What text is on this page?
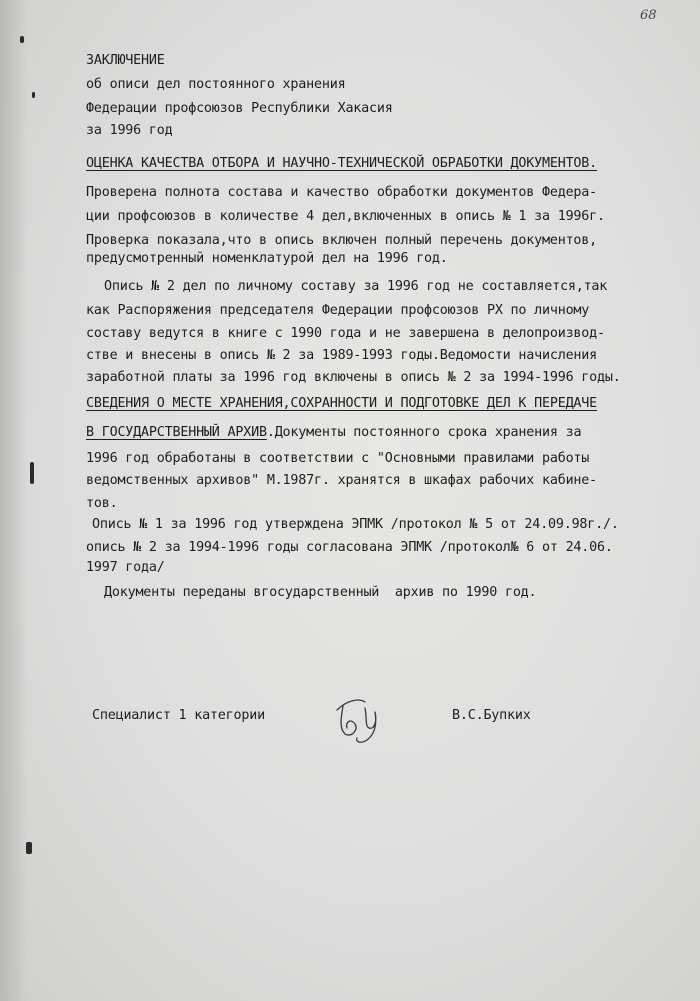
68

ЗАКЛЮЧЕНИЕ

об описи дел постоянного хранения

Федерации профсоюзов Республики Хакасия

за 1996 год

ОЦЕНКА КАЧЕСТВА ОТБОРА И НАУЧНО-ТЕХНИЧЕСКОЙ ОБРАБОТКИ ДОКУМЕНТОВ.

Проверена полнота состава и качество обработки документов Федера-

ции профсоюзов в количестве 4 дел,включенных в опись № 1 за 1996г.

Проверка показала,что в опись включен полный перечень документов,

предусмотренный номенклатурой дел на 1996 год.

Опись № 2 дел по личному составу за 1996 год не составляется,так

как Распоряжения председателя Федерации профсоюзов РХ по личному

составу ведутся в книге с 1990 года и не завершена в делопроизвод-

стве и внесены в опись № 2 за 1989-1993 годы.Ведомости начисления

заработной платы за 1996 год включены в опись № 2 за 1994-1996 годы.

СВЕДЕНИЯ О МЕСТЕ ХРАНЕНИЯ,СОХРАННОСТИ И ПОДГОТОВКЕ ДЕЛ К ПЕРЕДАЧЕ

В ГОСУДАРСТВЕННЫЙ АРХИВ.Документы постоянного срока хранения за

1996 год обработаны в соответствии с "Основными правилами работы

ведомственных архивов" М.1987г. хранятся в шкафах рабочих кабине-

тов.

Опись № 1 за 1996 год утверждена ЭПМК /протокол № 5 от 24.09.98г./.

опись № 2 за 1994-1996 годы согласована ЭПМК /протокол№ 6 от 24.06.

1997 года/

Документы переданы вгосударственный  архив по 1990 год.

Специалист 1 категории	В.С.Бупких
